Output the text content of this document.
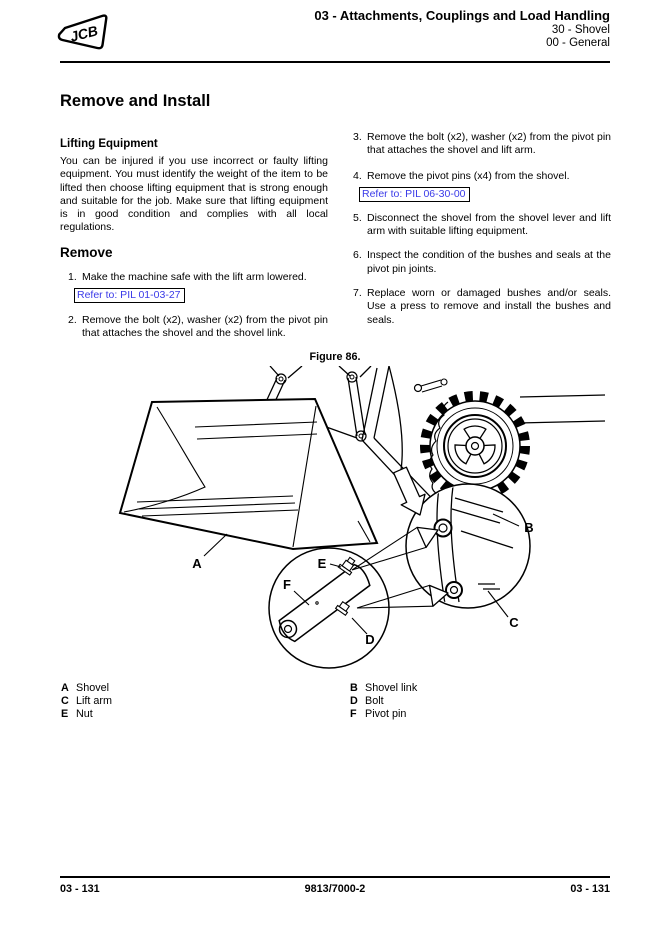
JCB
03 - Attachments, Couplings and Load Handling
30 - Shovel
00 - General
Remove and Install
Lifting Equipment
You can be injured if you use incorrect or faulty lifting equipment. You must identify the weight of the item to be lifted then choose lifting equipment that is strong enough and suitable for the job. Make sure that lifting equipment is in good condition and complies with all local regulations.
Remove
1. Make the machine safe with the lift arm lowered.
Refer to: PIL 01-03-27
2. Remove the bolt (x2), washer (x2) from the pivot pin that attaches the shovel and the shovel link.
3. Remove the bolt (x2), washer (x2) from the pivot pin that attaches the shovel and lift arm.
4. Remove the pivot pins (x4) from the shovel.
Refer to: PIL 06-30-00
5. Disconnect the shovel from the shovel lever and lift arm with suitable lifting equipment.
6. Inspect the condition of the bushes and seals at the pivot pin joints.
7. Replace worn or damaged bushes and/or seals. Use a press to remove and install the bushes and seals.
Figure 86.
A
B
C
D
E
F
A Shovel
C Lift arm
E Nut
B Shovel link
D Bolt
F Pivot pin
03 - 131	9813/7000-2	03 - 131
